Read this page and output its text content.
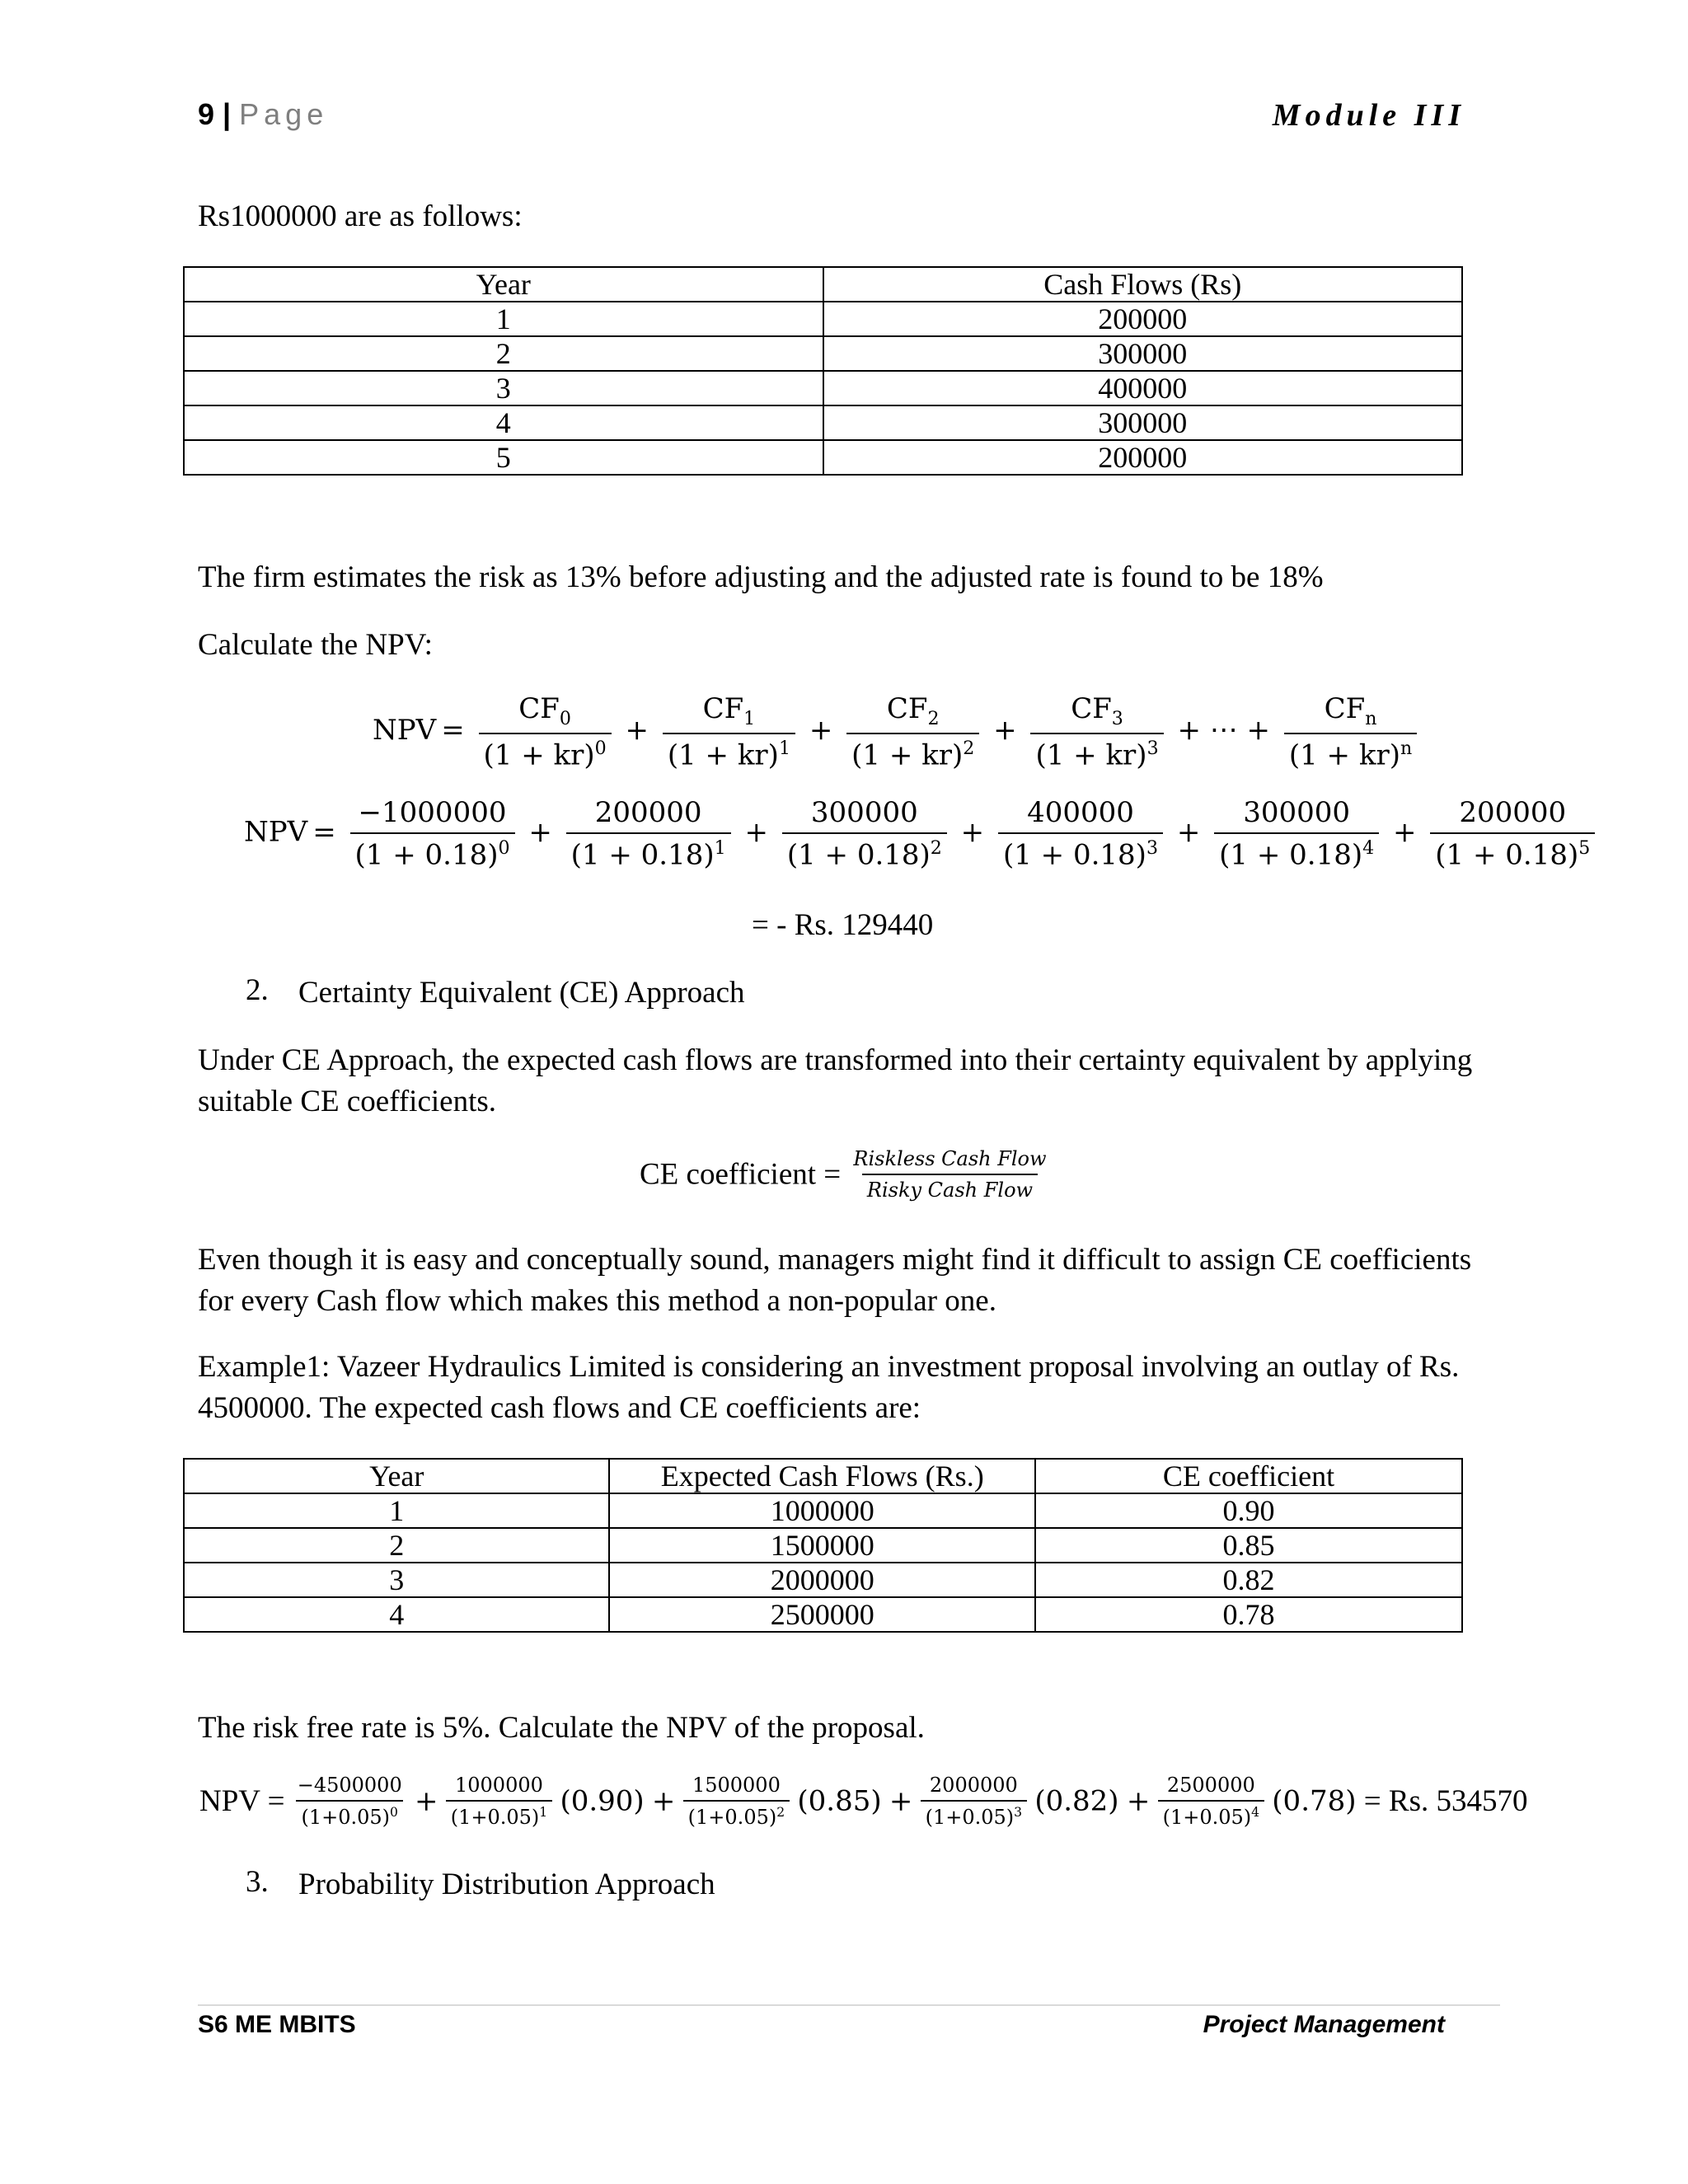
9 | Page	Module III
Rs1000000 are as follows:
Year	Cash Flows (Rs)
1	200000
2	300000
3	400000
4	300000
5	200000
The firm estimates the risk as 13% before adjusting and the adjusted rate is found to be 18%
Calculate the NPV:
NPV = $\frac{CF_0}{(1 + kr)^0} + \frac{CF_1}{(1 + kr)^1} + \frac{CF_2}{(1 + kr)^2} + \frac{CF_3}{(1 + kr)^3}$ + ⋯ + $\frac{CF_n}{(1 + kr)^n}$
NPV = $\frac{-1000000}{(1 + 0.18)^0} + \frac{200000}{(1 + 0.18)^1} + \frac{300000}{(1 + 0.18)^2} + \frac{400000}{(1 + 0.18)^3} + \frac{300000}{(1 + 0.18)^4} + \frac{200000}{(1 + 0.18)^5}$
= - Rs. 129440
2. Certainty Equivalent (CE) Approach
Under CE Approach, the expected cash flows are transformed into their certainty equivalent by applying suitable CE coefficients.
CE coefficient = $\frac{\text{Riskless Cash Flow}}{\text{Risky Cash Flow}}$
Even though it is easy and conceptually sound, managers might find it difficult to assign CE coefficients for every Cash flow which makes this method a non-popular one.
Example1: Vazeer Hydraulics Limited is considering an investment proposal involving an outlay of Rs. 4500000. The expected cash flows and CE coefficients are:
Year	Expected Cash Flows (Rs.)	CE coefficient
1	1000000	0.90
2	1500000	0.85
3	2000000	0.82
4	2500000	0.78
The risk free rate is 5%. Calculate the NPV of the proposal.
NPV = $\frac{-4500000}{(1+0.05)^0} + \frac{1000000}{(1+0.05)^1} (0.90) + \frac{1500000}{(1+0.05)^2} (0.85) + \frac{2000000}{(1+0.05)^3} (0.82) + \frac{2500000}{(1+0.05)^4} (0.78) = Rs$. 534570
3. Probability Distribution Approach
S6 ME MBITS	Project Management
